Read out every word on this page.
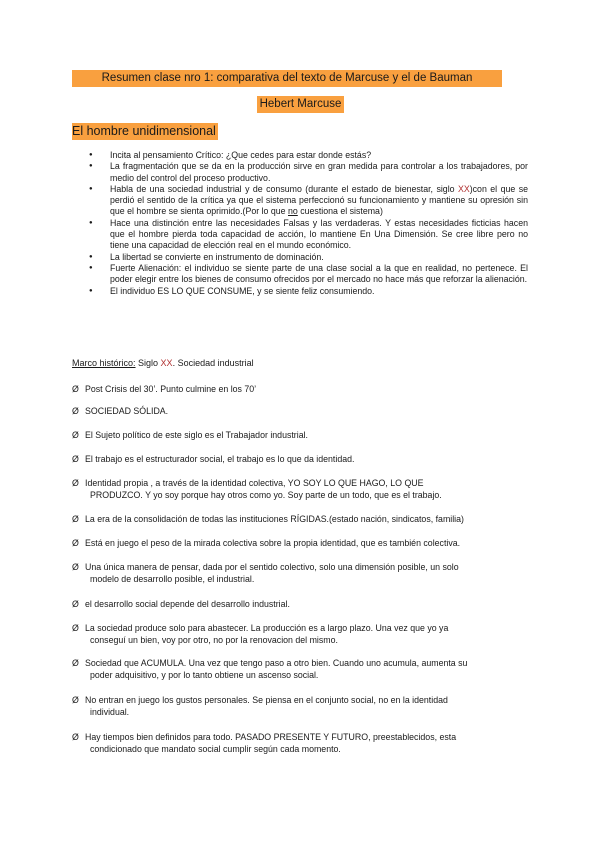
Resumen clase nro 1: comparativa del texto de Marcuse y el de Bauman
Hebert Marcuse
El hombre unidimensional
● Incita al pensamiento Crítico: ¿Que cedes para estar donde estás?
● La fragmentación que se da en la producción sirve en gran medida para controlar a los trabajadores, por medio del control del proceso productivo.
● Habla de una sociedad industrial y de consumo (durante el estado de bienestar, siglo XX)con el que se perdió el sentido de la crítica ya que el sistema perfeccionó su funcionamiento y mantiene su opresión sin que el hombre se sienta oprimido.(Por lo que no cuestiona el sistema)
● Hace una distinción entre las necesidades Falsas y las verdaderas. Y estas necesidades ficticias hacen que el hombre pierda toda capacidad de acción, lo mantiene En Una Dimensión. Se cree libre pero no tiene una capacidad de elección real en el mundo económico.
● La libertad se convierte en instrumento de dominación.
● Fuerte Alienación: el individuo se siente parte de una clase social a la que en realidad, no pertenece. El poder elegir entre los bienes de consumo ofrecidos por el mercado no hace más que reforzar la alienación.
● El individuo ES LO QUE CONSUME, y se siente feliz consumiendo.
Marco histórico: Siglo XX. Sociedad industrial
Ø Post Crisis del 30’. Punto culmine en los 70’
Ø SOCIEDAD SÓLIDA.
Ø El Sujeto político de este siglo es el Trabajador industrial.
Ø El trabajo es el estructurador social, el trabajo es lo que da identidad.
Ø Identidad propia , a través de la identidad colectiva, YO SOY LO QUE HAGO, LO QUE
PRODUZCO. Y yo soy porque hay otros como yo. Soy parte de un todo, que es el trabajo.
Ø La era de la consolidación de todas las instituciones RÍGIDAS.(estado nación, sindicatos, familia)
Ø Está en juego el peso de la mirada colectiva sobre la propia identidad, que es también colectiva.
Ø Una única manera de pensar, dada por el sentido colectivo, solo una dimensión posible, un solo
modelo de desarrollo posible, el industrial.
Ø el desarrollo social depende del desarrollo industrial.
Ø La sociedad produce solo para abastecer. La producción es a largo plazo. Una vez que yo ya
conseguí un bien, voy por otro, no por la renovacion del mismo.
Ø Sociedad que ACUMULA. Una vez que tengo paso a otro bien. Cuando uno acumula, aumenta su
poder adquisitivo, y por lo tanto obtiene un ascenso social.
Ø No entran en juego los gustos personales. Se piensa en el conjunto social, no en la identidad
individual.
Ø Hay tiempos bien definidos para todo. PASADO PRESENTE Y FUTURO, preestablecidos, esta
condicionado que mandato social cumplir según cada momento.
